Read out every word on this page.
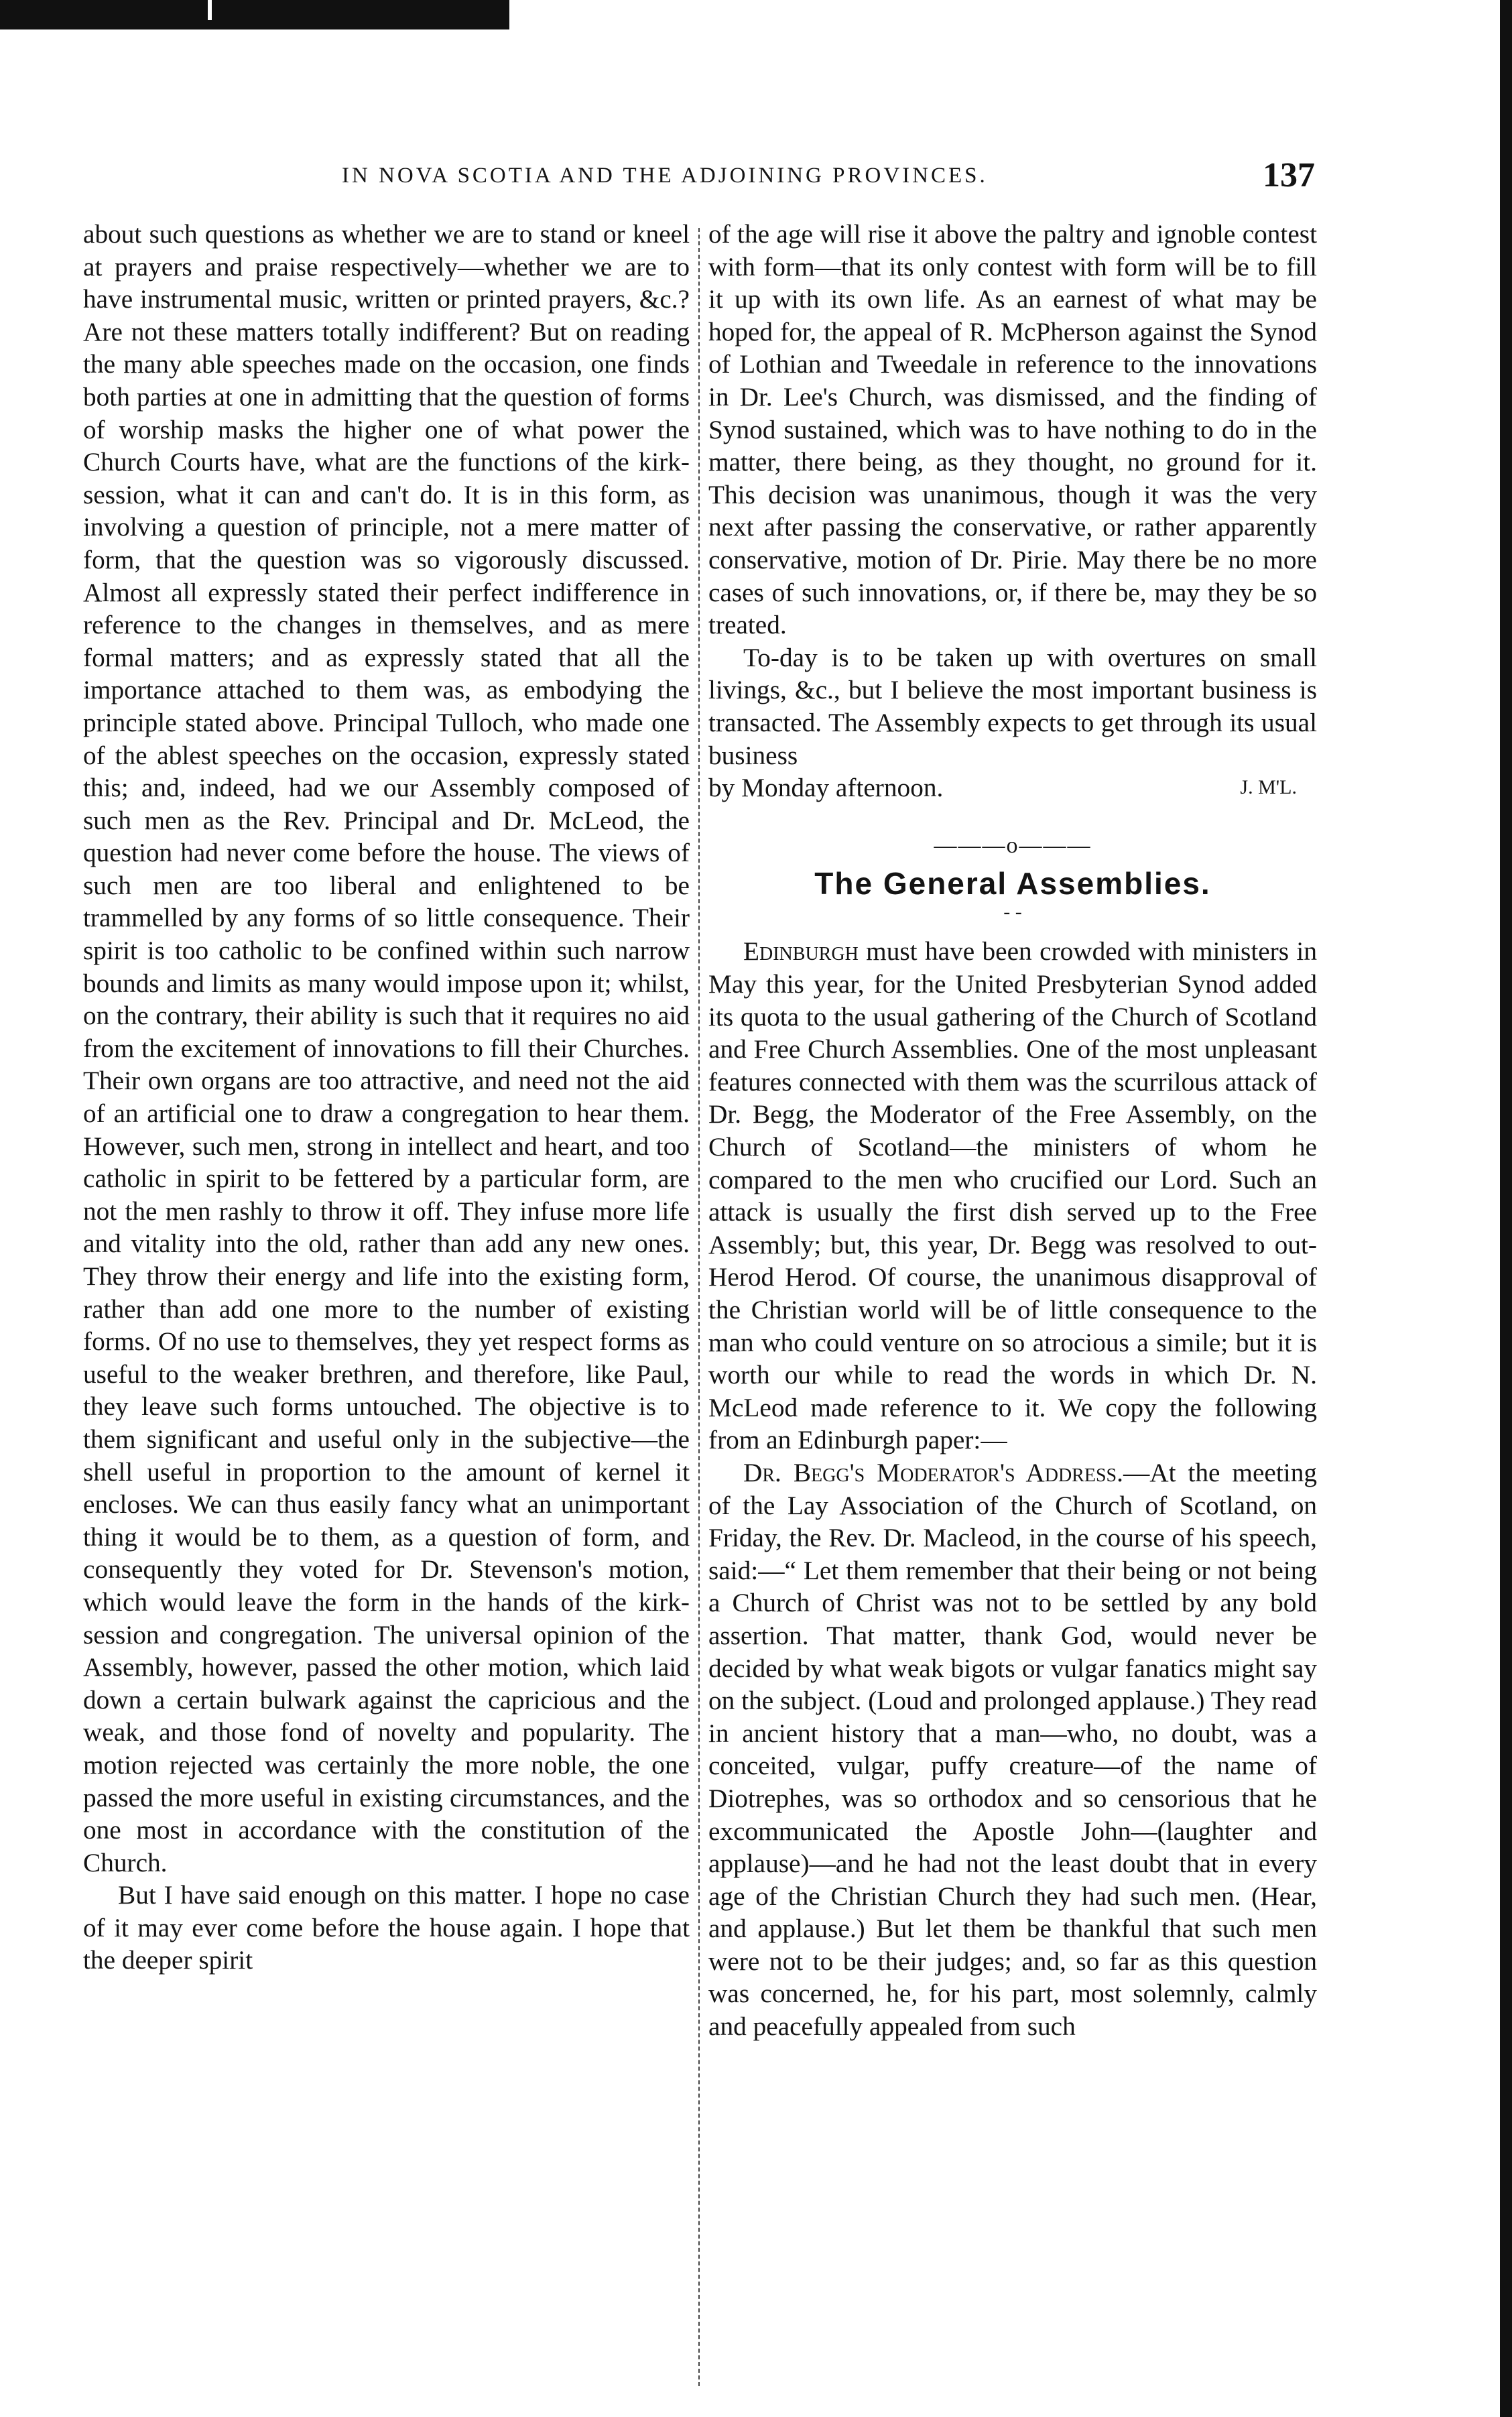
IN NOVA SCOTIA AND THE ADJOINING PROVINCES.	137

about such questions as whether we are to stand or kneel at prayers and praise respectively—whether we are to have instrumental music, written or printed prayers, &c.? Are not these matters totally indifferent? But on reading the many able speeches made on the occasion, one finds both parties at one in admitting that the question of forms of worship masks the higher one of what power the Church Courts have, what are the functions of the kirk-session, what it can and can't do. It is in this form, as involving a question of principle, not a mere matter of form, that the question was so vigorously discussed. Almost all expressly stated their perfect indifference in reference to the changes in themselves, and as mere formal matters; and as expressly stated that all the importance attached to them was, as embodying the principle stated above. Principal Tulloch, who made one of the ablest speeches on the occasion, expressly stated this; and, indeed, had we our Assembly composed of such men as the Rev. Principal and Dr. McLeod, the question had never come before the house. The views of such men are too liberal and enlightened to be trammelled by any forms of so little consequence. Their spirit is too catholic to be confined within such narrow bounds and limits as many would impose upon it; whilst, on the contrary, their ability is such that it requires no aid from the excitement of innovations to fill their Churches. Their own organs are too attractive, and need not the aid of an artificial one to draw a congregation to hear them. However, such men, strong in intellect and heart, and too catholic in spirit to be fettered by a particular form, are not the men rashly to throw it off. They infuse more life and vitality into the old, rather than add any new ones. They throw their energy and life into the existing form, rather than add one more to the number of existing forms. Of no use to themselves, they yet respect forms as useful to the weaker brethren, and therefore, like Paul, they leave such forms untouched. The objective is to them significant and useful only in the subjective—the shell useful in proportion to the amount of kernel it encloses. We can thus easily fancy what an unimportant thing it would be to them, as a question of form, and consequently they voted for Dr. Stevenson's motion, which would leave the form in the hands of the kirk-session and congregation. The universal opinion of the Assembly, however, passed the other motion, which laid down a certain bulwark against the capricious and the weak, and those fond of novelty and popularity. The motion rejected was certainly the more noble, the one passed the more useful in existing circumstances, and the one most in accordance with the constitution of the Church.

But I have said enough on this matter. I hope no case of it may ever come before the house again. I hope that the deeper spirit

of the age will rise it above the paltry and ignoble contest with form—that its only contest with form will be to fill it up with its own life. As an earnest of what may be hoped for, the appeal of R. McPherson against the Synod of Lothian and Tweedale in reference to the innovations in Dr. Lee's Church, was dismissed, and the finding of Synod sustained, which was to have nothing to do in the matter, there being, as they thought, no ground for it. This decision was unanimous, though it was the very next after passing the conservative, or rather apparently conservative, motion of Dr. Pirie. May there be no more cases of such innovations, or, if there be, may they be so treated.

To-day is to be taken up with overtures on small livings, &c., but I believe the most important business is transacted. The Assembly expects to get through its usual business

by Monday afternoon.	J. M'L.
———o———
The General Assemblies.
- -

Edinburgh must have been crowded with ministers in May this year, for the United Presbyterian Synod added its quota to the usual gathering of the Church of Scotland and Free Church Assemblies. One of the most unpleasant features connected with them was the scurrilous attack of Dr. Begg, the Moderator of the Free Assembly, on the Church of Scotland—the ministers of whom he compared to the men who crucified our Lord. Such an attack is usually the first dish served up to the Free Assembly; but, this year, Dr. Begg was resolved to out-Herod Herod. Of course, the unanimous disapproval of the Christian world will be of little consequence to the man who could venture on so atrocious a simile; but it is worth our while to read the words in which Dr. N. McLeod made reference to it. We copy the following from an Edinburgh paper:—

Dr. Begg's Moderator's Address.—At the meeting of the Lay Association of the Church of Scotland, on Friday, the Rev. Dr. Macleod, in the course of his speech, said:—“ Let them remember that their being or not being a Church of Christ was not to be settled by any bold assertion. That matter, thank God, would never be decided by what weak bigots or vulgar fanatics might say on the subject. (Loud and prolonged applause.) They read in ancient history that a man—who, no doubt, was a conceited, vulgar, puffy creature—of the name of Diotrephes, was so orthodox and so censorious that he excommunicated the Apostle John—(laughter and applause)—and he had not the least doubt that in every age of the Christian Church they had such men. (Hear, and applause.) But let them be thankful that such men were not to be their judges; and, so far as this question was concerned, he, for his part, most solemnly, calmly and peacefully appealed from such
